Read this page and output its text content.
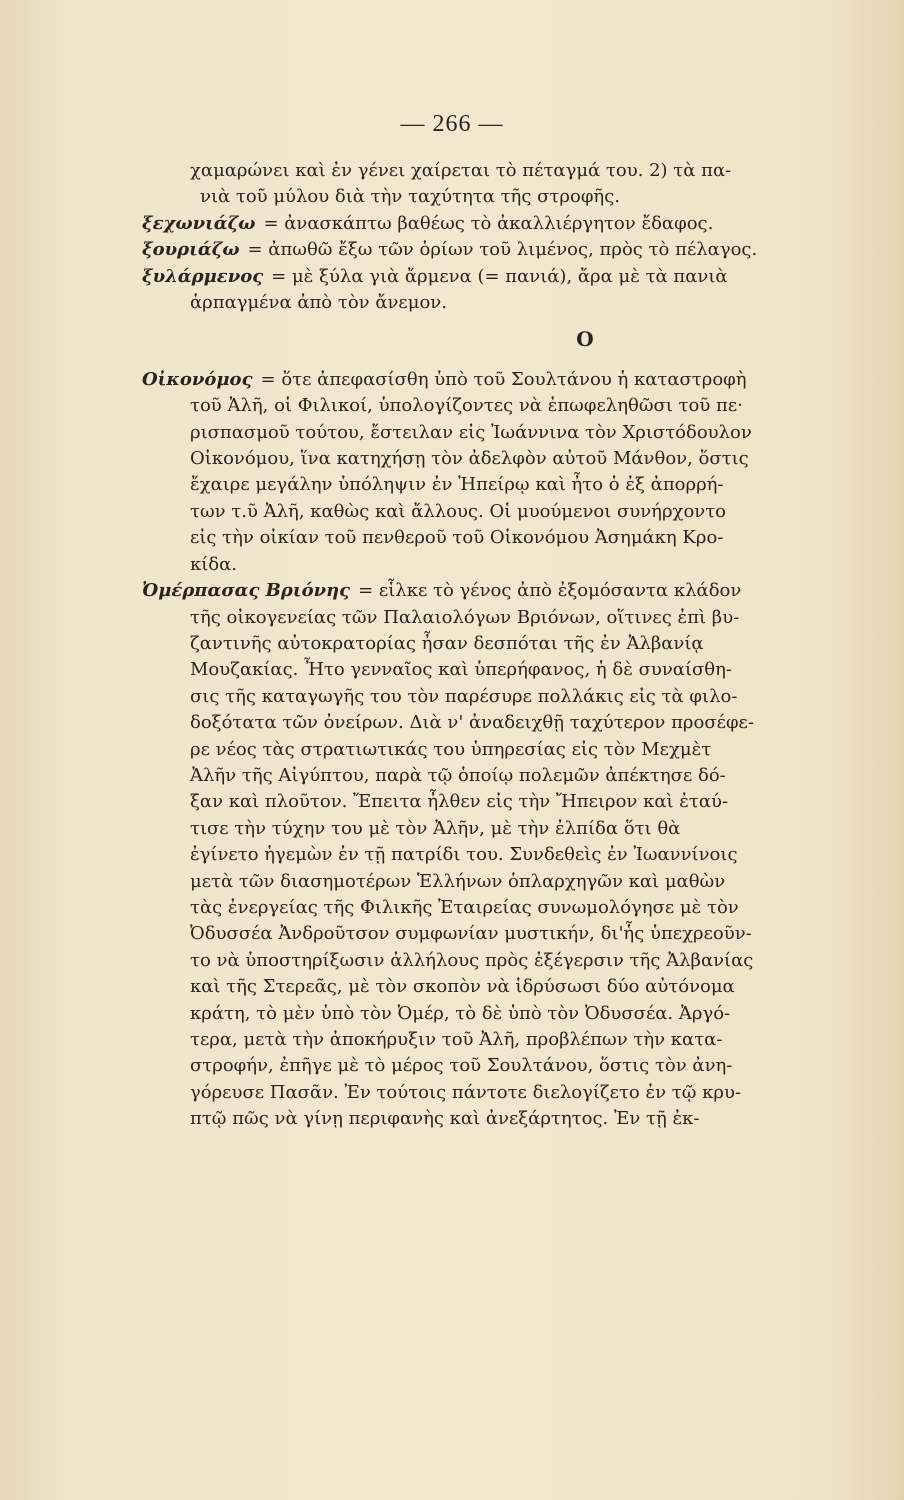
— 266 —
χαμαρώνει καὶ ἐν γένει χαίρεται τὸ πέταγμά του. 2) τὰ πα-
νιὰ τοῦ μύλου διὰ τὴν ταχύτητα τῆς στροφῆς.
ξεχωνιάζω = ἀνασκάπτω βαθέως τὸ ἀκαλλιέργητον ἔδαφος.
ξουριάζω = ἀπωθῶ ἔξω τῶν ὁρίων τοῦ λιμένος, πρὸς τὸ πέλαγος.
ξυλάρμενος = μὲ ξύλα γιὰ ἄρμενα (= πανιά), ἄρα μὲ τὰ πανιὰ
ἁρπαγμένα ἀπὸ τὸν ἄνεμον.
Ο
Οἰκονόμος = ὅτε ἀπεφασίσθη ὑπὸ τοῦ Σουλτάνου ἡ καταστροφὴ
τοῦ Ἀλῆ, οἱ Φιλικοί, ὑπολογίζοντες νὰ ἐπωφεληθῶσι τοῦ πε·
ρισπασμοῦ τούτου, ἔστειλαν εἰς Ἰωάννινα τὸν Χριστόδουλον
Οἰκονόμου, ἵνα κατηχήσῃ τὸν ἀδελφὸν αὐτοῦ Μάνθον, ὅστις
ἔχαιρε μεγάλην ὑπόληψιν ἐν Ἠπείρῳ καὶ ἦτο ὁ ἐξ ἀπορρή-
των τ.ῦ Ἀλῆ, καθὼς καὶ ἄλλους. Οἱ μυούμενοι συνήρχοντο
εἰς τὴν οἰκίαν τοῦ πενθεροῦ τοῦ Οἰκονόμου Ἀσημάκη Κρο-
κίδα.
Ὀμέρπασας Βριόνης = εἷλκε τὸ γένος ἀπὸ ἐξομόσαντα κλάδον
τῆς οἰκογενείας τῶν Παλαιολόγων Βριόνων, οἵτινες ἐπὶ βυ-
ζαντινῆς αὐτοκρατορίας ἦσαν δεσπόται τῆς ἐν Ἀλβανίᾳ
Μουζακίας. Ἦτο γενναῖος καὶ ὑπερήφανος, ἡ δὲ συναίσθη-
σις τῆς καταγωγῆς του τὸν παρέσυρε πολλάκις εἰς τὰ φιλο-
δοξότατα τῶν ὀνείρων. Διὰ ν' ἀναδειχθῇ ταχύτερον προσέφε-
ρε νέος τὰς στρατιωτικάς του ὑπηρεσίας εἰς τὸν Μεχμὲτ
Ἀλῆν τῆς Αἰγύπτου, παρὰ τῷ ὁποίῳ πολεμῶν ἀπέκτησε δό-
ξαν καὶ πλοῦτον. Ἔπειτα ἦλθεν εἰς τὴν Ἤπειρον καὶ ἐταύ-
τισε τὴν τύχην του μὲ τὸν Ἀλῆν, μὲ τὴν ἐλπίδα ὅτι θὰ
ἐγίνετο ἡγεμὼν ἐν τῇ πατρίδι του. Συνδεθεὶς ἐν Ἰωαννίνοις
μετὰ τῶν διασημοτέρων Ἑλλήνων ὁπλαρχηγῶν καὶ μαθὼν
τὰς ἐνεργείας τῆς Φιλικῆς Ἑταιρείας συνωμολόγησε μὲ τὸν
Ὀδυσσέα Ἀνδροῦτσον συμφωνίαν μυστικήν, δι'ἧς ὑπεχρεοῦν-
το νὰ ὑποστηρίξωσιν ἀλλήλους πρὸς ἐξέγερσιν τῆς Ἀλβανίας
καὶ τῆς Στερεᾶς, μὲ τὸν σκοπὸν νὰ ἱδρύσωσι δύο αὐτόνομα
κράτη, τὸ μὲν ὑπὸ τὸν Ὀμέρ, τὸ δὲ ὑπὸ τὸν Ὀδυσσέα. Ἀργό-
τερα, μετὰ τὴν ἀποκήρυξιν τοῦ Ἀλῆ, προβλέπων τὴν κατα-
στροφήν, ἐπῆγε μὲ τὸ μέρος τοῦ Σουλτάνου, ὅστις τὸν ἀνη-
γόρευσε Πασᾶν. Ἐν τούτοις πάντοτε διελογίζετο ἐν τῷ κρυ-
πτῷ πῶς νὰ γίνῃ περιφανὴς καὶ ἀνεξάρτητος. Ἐν τῇ ἐκ-
